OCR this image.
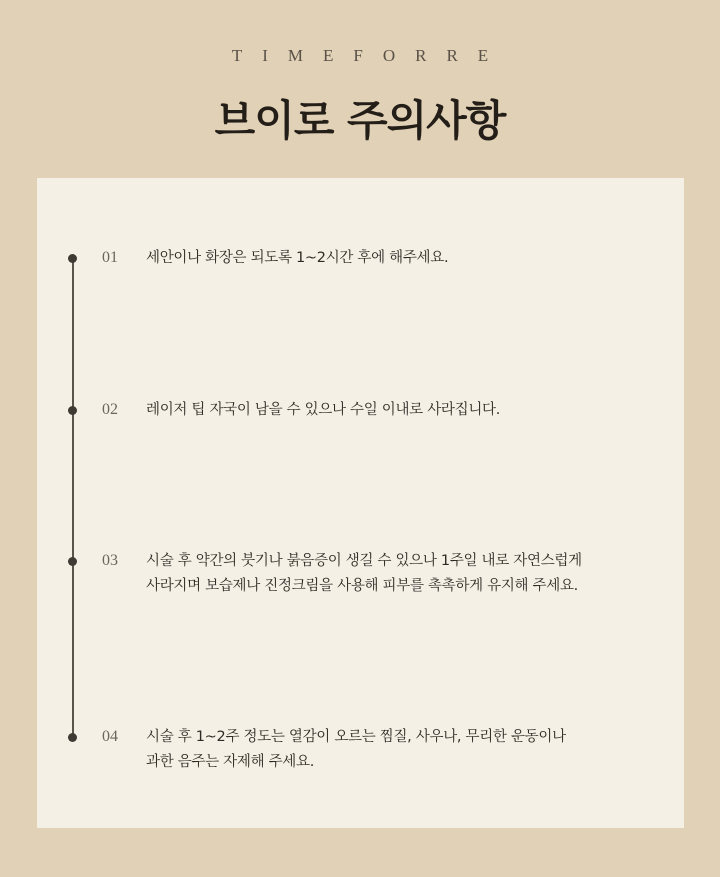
TIMEFORRE
브이로 주의사항
01 세안이나 화장은 되도록 1~2시간 후에 해주세요.
02 레이저 팁 자국이 남을 수 있으나 수일 이내로 사라집니다.
03 시술 후 약간의 붓기나 붉음증이 생길 수 있으나 1주일 내로 자연스럽게
사라지며 보습제나 진정크림을 사용해 피부를 촉촉하게 유지해 주세요.
04 시술 후 1~2주 정도는 열감이 오르는 찜질, 사우나, 무리한 운동이나
과한 음주는 자제해 주세요.
